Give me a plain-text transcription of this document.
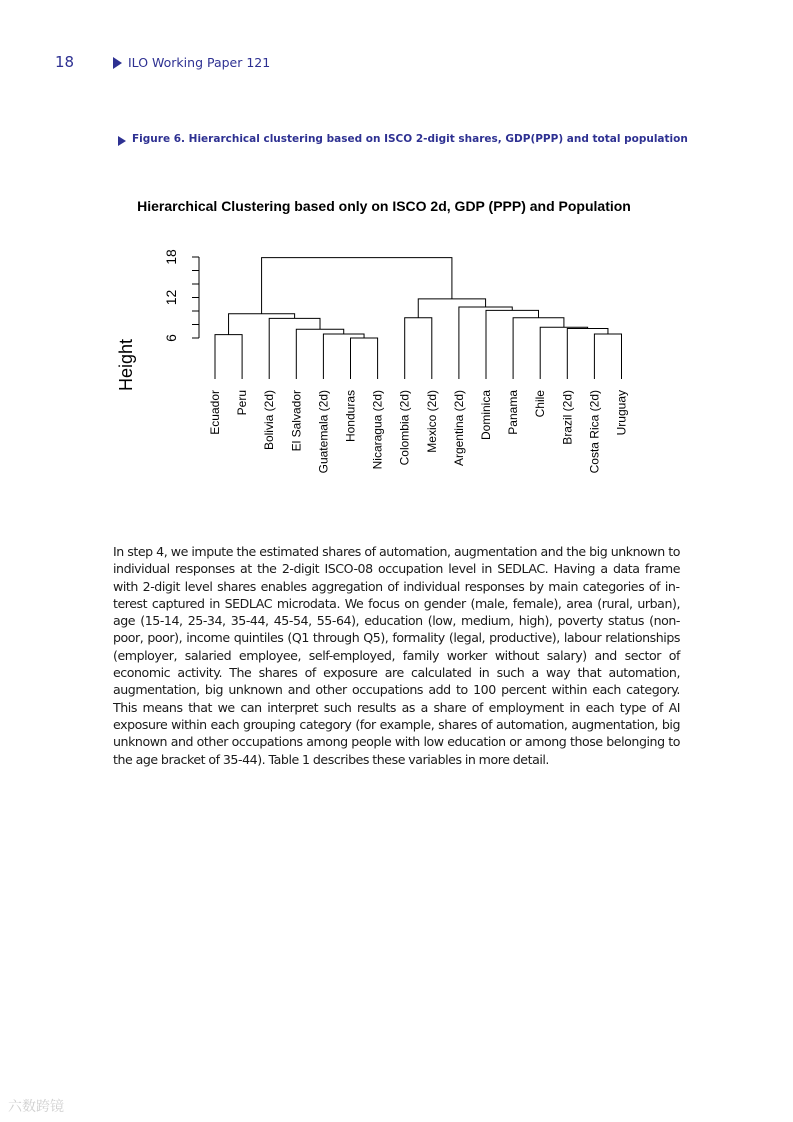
18	ILO Working Paper 121
Figure 6. Hierarchical clustering based on ISCO 2-digit shares, GDP(PPP) and total population
Hierarchical Clustering based only on ISCO 2d, GDP (PPP) and Population
Height
6
12
18
Ecuador Peru Bolivia (2d) El Salvador Guatemala (2d) Honduras Nicaragua (2d) Colombia (2d) Mexico (2d) Argentina (2d) Dominica Panama Chile Brazil (2d) Costa Rica (2d) Uruguay

In step 4, we impute the estimated shares of automation, augmentation and the big unknown to individual responses at the 2-digit ISCO-08 occupation level in SEDLAC. Having a data frame with 2-digit level shares enables aggregation of individual responses by main categories of interest captured in SEDLAC microdata. We focus on gender (male, female), area (rural, urban), age (15-14, 25-34, 35-44, 45-54, 55-64), education (low, medium, high), poverty status (non-poor, poor), income quintiles (Q1 through Q5), formality (legal, productive), labour relationships (employer, salaried employee, self-employed, family worker without salary) and sector of economic activity. The shares of exposure are calculated in such a way that automation, augmentation, big unknown and other occupations add to 100 percent within each category. This means that we can interpret such results as a share of employment in each type of AI exposure within each grouping category (for example, shares of automation, augmentation, big unknown and other occupations among people with low education or among those belonging to the age bracket of 35-44). Table 1 describes these variables in more detail.

六数跨镜
